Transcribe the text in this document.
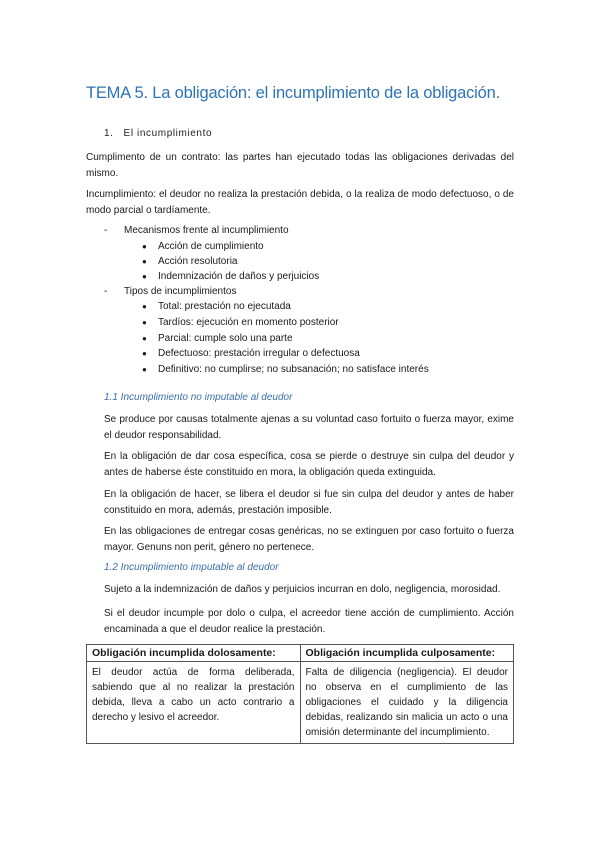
TEMA 5. La obligación: el incumplimiento de la obligación.
1. El incumplimiento

Cumplimento de un contrato: las partes han ejecutado todas las obligaciones derivadas del mismo.

Incumplimiento: el deudor no realiza la prestación debida, o la realiza de modo defectuoso, o de modo parcial o tardíamente.

- Mecanismos frente al incumplimiento
● Acción de cumplimiento
● Acción resolutoria
● Indemnización de daños y perjuicios
- Tipos de incumplimientos
● Total: prestación no ejecutada
● Tardíos: ejecución en momento posterior
● Parcial: cumple solo una parte
● Defectuoso: prestación irregular o defectuosa
● Definitivo: no cumplirse; no subsanación; no satisface interés
1.1 Incumplimiento no imputable al deudor

Se produce por causas totalmente ajenas a su voluntad caso fortuito o fuerza mayor, exime el deudor responsabilidad.

En la obligación de dar cosa específica, cosa se pierde o destruye sin culpa del deudor y antes de haberse éste constituido en mora, la obligación queda extinguida.

En la obligación de hacer, se libera el deudor si fue sin culpa del deudor y antes de haber constituido en mora, además, prestación imposible.

En las obligaciones de entregar cosas genéricas, no se extinguen por caso fortuito o fuerza mayor. Genuns non perit, género no pertenece.

1.2 Incumplimiento imputable al deudor

Sujeto a la indemnización de daños y perjuicios incurran en dolo, negligencia, morosidad.

Si el deudor incumple por dolo o culpa, el acreedor tiene acción de cumplimiento. Acción encaminada a que el deudor realice la prestación.

Obligación incumplida dolosamente:	Obligación incumplida culposamente:
El deudor actúa de forma deliberada, sabiendo que al no realizar la prestación debida, lleva a cabo un acto contrario a derecho y lesivo el acreedor.	Falta de diligencia (negligencia). El deudor no observa en el cumplimiento de las obligaciones el cuidado y la diligencia debidas, realizando sin malicia un acto o una omisión determinante del incumplimiento.
